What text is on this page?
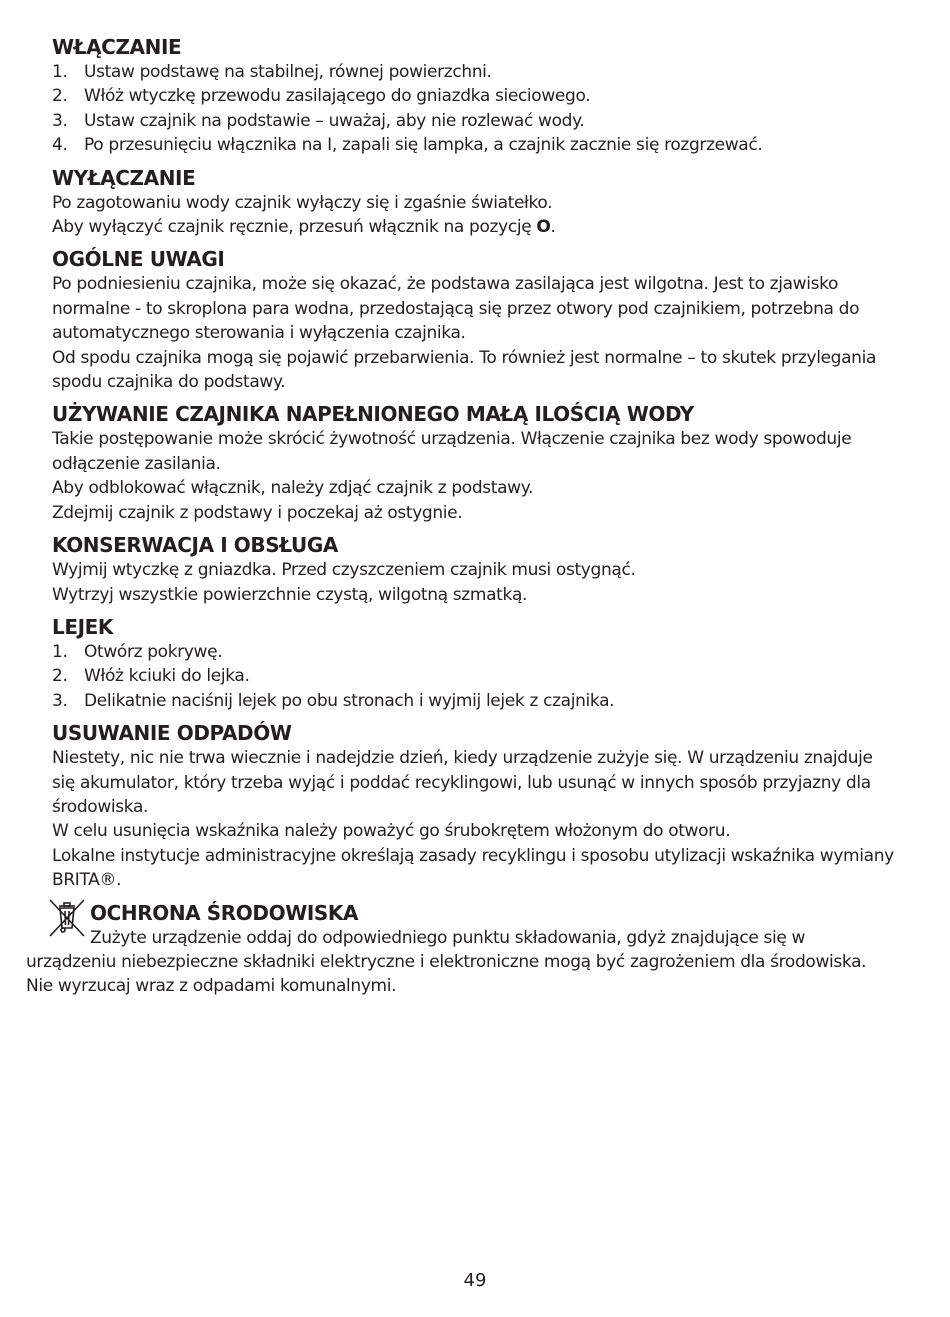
WŁĄCZANIE
1. Ustaw podstawę na stabilnej, równej powierzchni.
2. Włóż wtyczkę przewodu zasilającego do gniazdka sieciowego.
3. Ustaw czajnik na podstawie – uważaj, aby nie rozlewać wody.
4. Po przesunięciu włącznika na I, zapali się lampka, a czajnik zacznie się rozgrzewać.
WYŁĄCZANIE

Po zagotowaniu wody czajnik wyłączy się i zgaśnie światełko.

Aby wyłączyć czajnik ręcznie, przesuń włącznik na pozycję O.

OGÓLNE UWAGI

Po podniesieniu czajnika, może się okazać, że podstawa zasilająca jest wilgotna. Jest to zjawisko normalne - to skroplona para wodna, przedostającą się przez otwory pod czajnikiem, potrzebna do automatycznego sterowania i wyłączenia czajnika.

Od spodu czajnika mogą się pojawić przebarwienia. To również jest normalne – to skutek przylegania spodu czajnika do podstawy.

UŻYWANIE CZAJNIKA NAPEŁNIONEGO MAŁĄ ILOŚCIĄ WODY

Takie postępowanie może skrócić żywotność urządzenia. Włączenie czajnika bez wody spowoduje odłączenie zasilania.

Aby odblokować włącznik, należy zdjąć czajnik z podstawy.

Zdejmij czajnik z podstawy i poczekaj aż ostygnie.

KONSERWACJA I OBSŁUGA

Wyjmij wtyczkę z gniazdka. Przed czyszczeniem czajnik musi ostygnąć.

Wytrzyj wszystkie powierzchnie czystą, wilgotną szmatką.

LEJEK
1. Otwórz pokrywę.
2. Włóż kciuki do lejka.
3. Delikatnie naciśnij lejek po obu stronach i wyjmij lejek z czajnika.
USUWANIE ODPADÓW

Niestety, nic nie trwa wiecznie i nadejdzie dzień, kiedy urządzenie zużyje się. W urządzeniu znajduje się akumulator, który trzeba wyjąć i poddać recyklingowi, lub usunąć w innych sposób przyjazny dla środowiska.

W celu usunięcia wskaźnika należy poważyć go śrubokrętem włożonym do otworu.

Lokalne instytucje administracyjne określają zasady recyklingu i sposobu utylizacji wskaźnika wymiany BRITA®.

OCHRONA ŚRODOWISKA

Zużyte urządzenie oddaj do odpowiedniego punktu składowania, gdyż znajdujące się w

urządzeniu niebezpieczne składniki elektryczne i elektroniczne mogą być zagrożeniem dla środowiska. Nie wyrzucaj wraz z odpadami komunalnymi.

49
